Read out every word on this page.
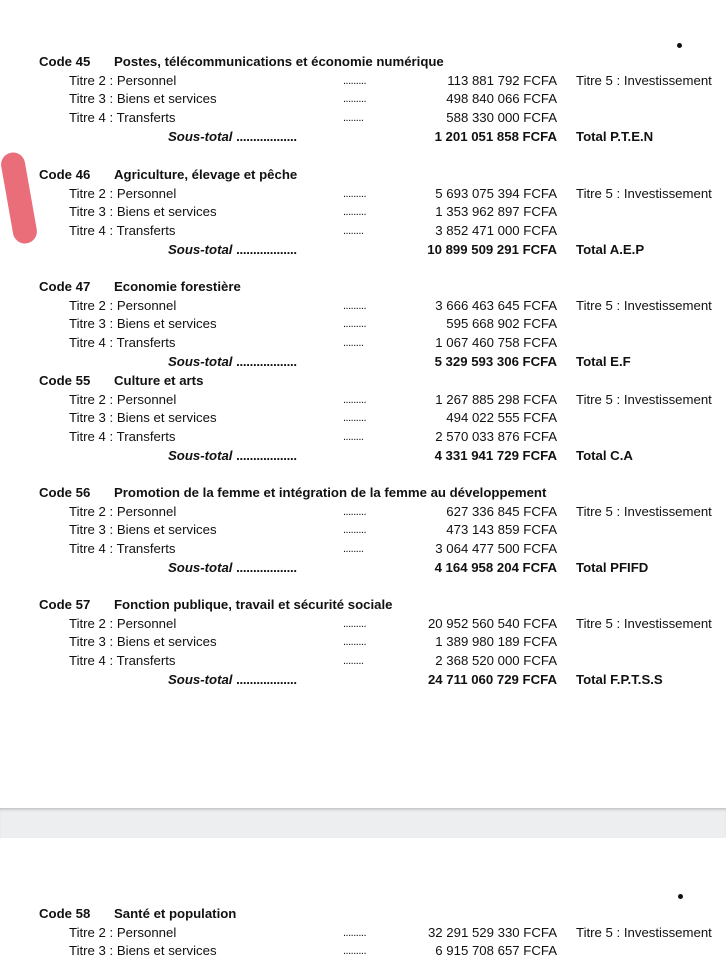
Code 45 Postes, télécommunications et économie numérique
Titre 2 : Personnel	.........	113 881 792 FCFA Titre 5 : Investissement
Titre 3 : Biens et services	.........	498 840 066 FCFA
Titre 4 : Transferts	........	588 330 000 FCFA
Sous-total ..................	1 201 051 858 FCFA Total P.T.E.N
Code 46 Agriculture, élevage et pêche
Titre 2 : Personnel	.........	5 693 075 394 FCFA Titre 5 : Investissement
Titre 3 : Biens et services	.........	1 353 962 897 FCFA
Titre 4 : Transferts	........	3 852 471 000 FCFA
Sous-total ..................	10 899 509 291 FCFA Total A.E.P
Code 47 Economie forestière
Titre 2 : Personnel	.........	3 666 463 645 FCFA Titre 5 : Investissement
Titre 3 : Biens et services	.........	595 668 902 FCFA
Titre 4 : Transferts	........	1 067 460 758 FCFA
Sous-total ..................	5 329 593 306 FCFA Total E.F
Code 55 Culture et arts
Titre 2 : Personnel	.........	1 267 885 298 FCFA Titre 5 : Investissement
Titre 3 : Biens et services	.........	494 022 555 FCFA
Titre 4 : Transferts	........	2 570 033 876 FCFA
Sous-total ..................	4 331 941 729 FCFA Total C.A
Code 56 Promotion de la femme et intégration de la femme au développement
Titre 2 : Personnel	.........	627 336 845 FCFA Titre 5 : Investissement
Titre 3 : Biens et services	.........	473 143 859 FCFA
Titre 4 : Transferts	........	3 064 477 500 FCFA
Sous-total ..................	4 164 958 204 FCFA Total PFIFD
Code 57 Fonction publique, travail et sécurité sociale
Titre 2 : Personnel	.........	20 952 560 540 FCFA Titre 5 : Investissement
Titre 3 : Biens et services	.........	1 389 980 189 FCFA
Titre 4 : Transferts	........	2 368 520 000 FCFA
Sous-total ..................	24 711 060 729 FCFA Total F.P.T.S.S
Code 58 Santé et population
Titre 2 : Personnel	.........	32 291 529 330 FCFA Titre 5 : Investissement
Titre 3 : Biens et services	.........	6 915 708 657 FCFA
